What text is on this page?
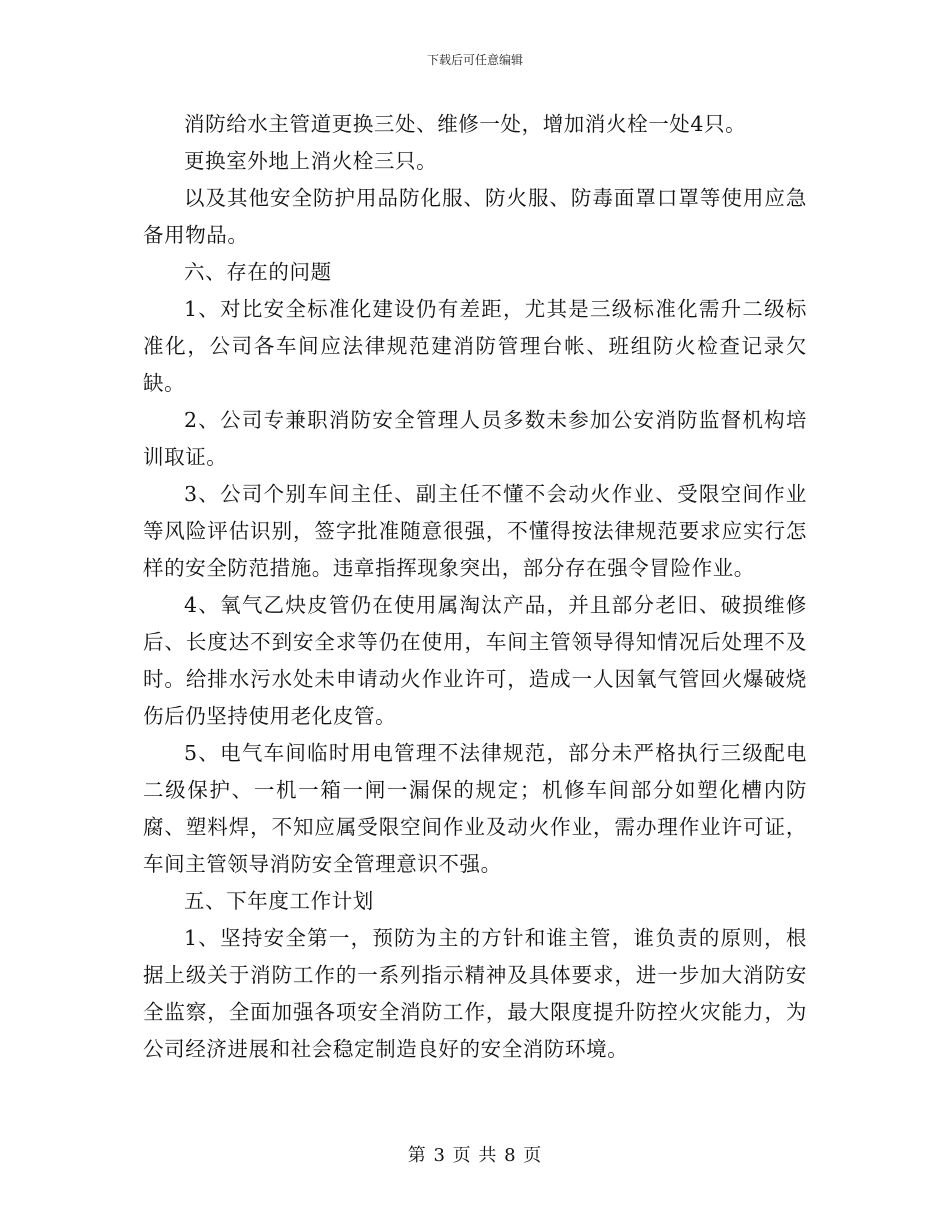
下载后可任意编辑

消防给水主管道更换三处、维修一处，增加消火栓一处4只。

更换室外地上消火栓三只。

以及其他安全防护用品防化服、防火服、防毒面罩口罩等使用应急备用物品。

六、存在的问题

1、对比安全标准化建设仍有差距，尤其是三级标准化需升二级标准化，公司各车间应法律规范建消防管理台帐、班组防火检查记录欠缺。

2、公司专兼职消防安全管理人员多数未参加公安消防监督机构培训取证。

3、公司个别车间主任、副主任不懂不会动火作业、受限空间作业等风险评估识别，签字批准随意很强，不懂得按法律规范要求应实行怎样的安全防范措施。违章指挥现象突出，部分存在强令冒险作业。

4、氧气乙炔皮管仍在使用属淘汰产品，并且部分老旧、破损维修后、长度达不到安全求等仍在使用，车间主管领导得知情况后处理不及时。给排水污水处未申请动火作业许可，造成一人因氧气管回火爆破烧伤后仍坚持使用老化皮管。

5、电气车间临时用电管理不法律规范，部分未严格执行三级配电二级保护、一机一箱一闸一漏保的规定；机修车间部分如塑化槽内防腐、塑料焊，不知应属受限空间作业及动火作业，需办理作业许可证，车间主管领导消防安全管理意识不强。

五、下年度工作计划

1、坚持安全第一，预防为主的方针和谁主管，谁负责的原则，根据上级关于消防工作的一系列指示精神及具体要求，进一步加大消防安全监察，全面加强各项安全消防工作，最大限度提升防控火灾能力，为公司经济进展和社会稳定制造良好的安全消防环境。

第 3 页 共 8 页
